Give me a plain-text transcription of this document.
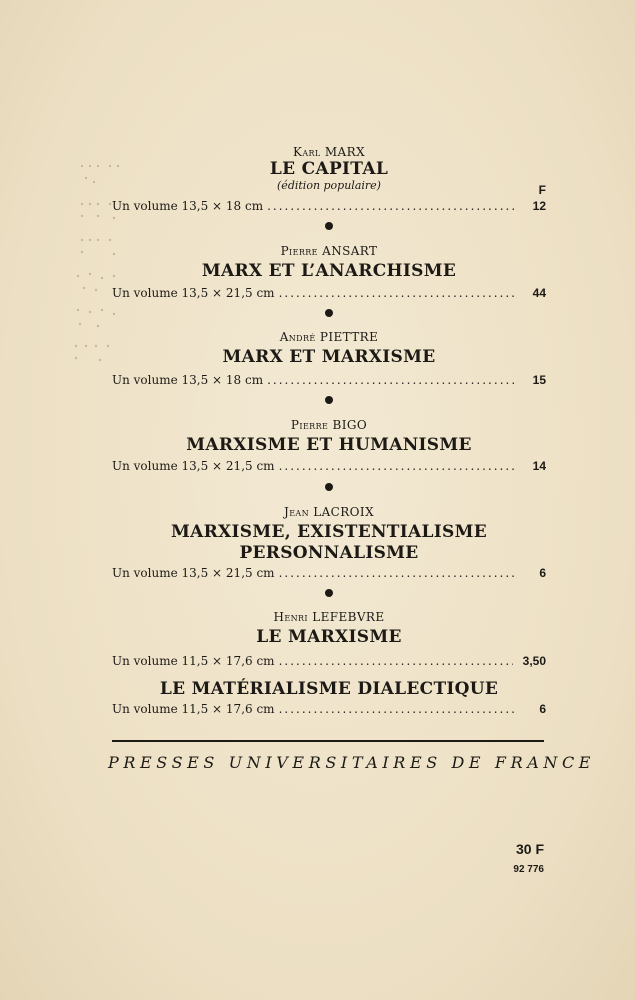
F
Karl MARX
LE CAPITAL
(édition populaire)
Un volume 13,5 × 18 cm .....	12
Pierre ANSART
MARX ET L’ANARCHISME
Un volume 13,5 × 21,5 cm .....	44
André PIETTRE
MARX ET MARXISME
Un volume 13,5 × 18 cm .....	15
Pierre BIGO
MARXISME ET HUMANISME
Un volume 13,5 × 21,5 cm .....	14
Jean LACROIX
MARXISME, EXISTENTIALISME
PERSONNALISME
Un volume 13,5 × 21,5 cm .....	6
Henri LEFEBVRE
LE MARXISME
Un volume 11,5 × 17,6 cm .....	3,50
LE MATÉRIALISME DIALECTIQUE
Un volume 11,5 × 17,6 cm .....	6
PRESSES UNIVERSITAIRES DE FRANCE
30 F
92 776
